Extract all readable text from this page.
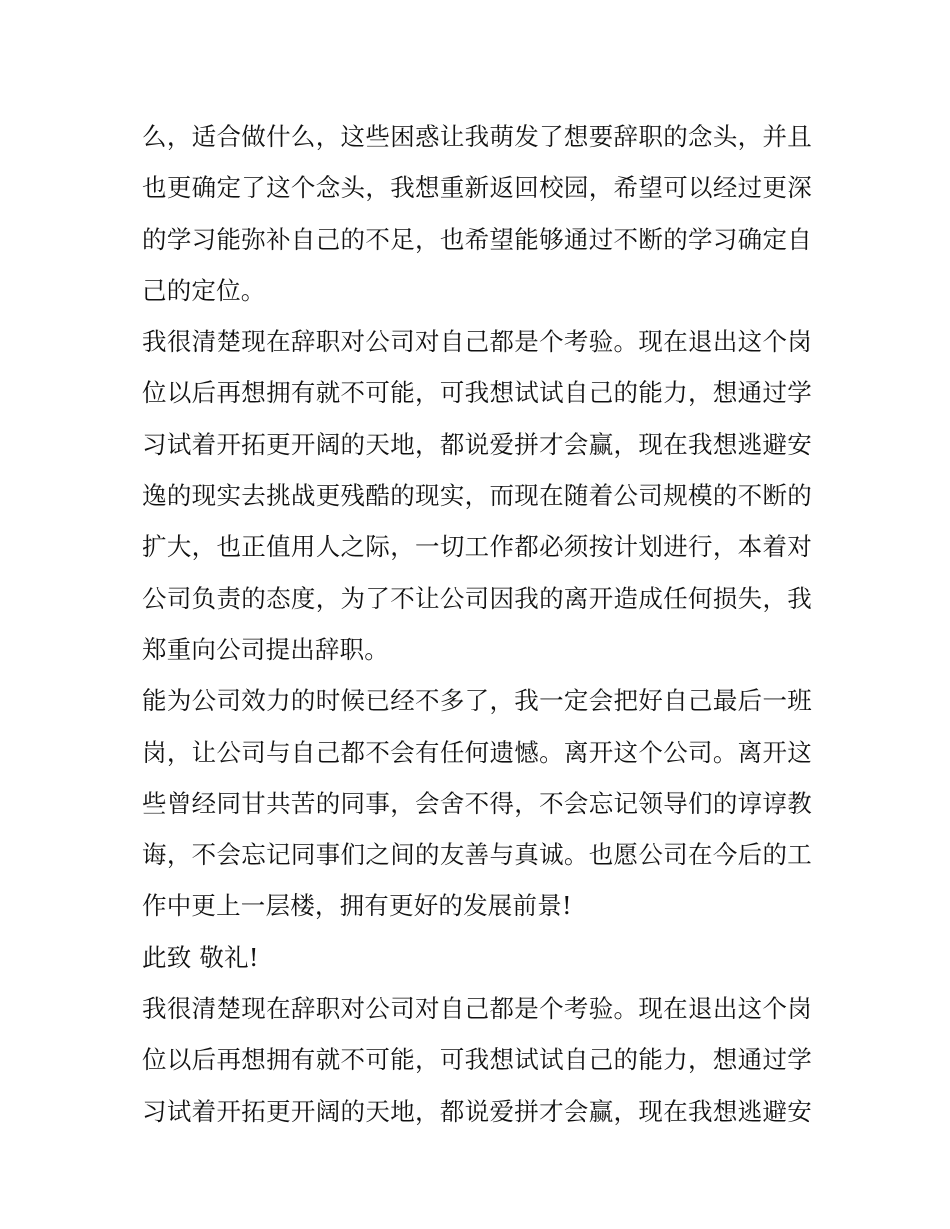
么，适合做什么，这些困惑让我萌发了想要辞职的念头，并且
也更确定了这个念头，我想重新返回校园，希望可以经过更深
的学习能弥补自己的不足，也希望能够通过不断的学习确定自
己的定位。
我很清楚现在辞职对公司对自己都是个考验。现在退出这个岗
位以后再想拥有就不可能，可我想试试自己的能力，想通过学
习试着开拓更开阔的天地，都说爱拼才会赢，现在我想逃避安
逸的现实去挑战更残酷的现实，而现在随着公司规模的不断的
扩大，也正值用人之际，一切工作都必须按计划进行，本着对
公司负责的态度，为了不让公司因我的离开造成任何损失，我
郑重向公司提出辞职。
能为公司效力的时候已经不多了，我一定会把好自己最后一班
岗，让公司与自己都不会有任何遗憾。离开这个公司。离开这
些曾经同甘共苦的同事，会舍不得，不会忘记领导们的谆谆教
诲，不会忘记同事们之间的友善与真诚。也愿公司在今后的工
作中更上一层楼，拥有更好的发展前景!
此致 敬礼!
我很清楚现在辞职对公司对自己都是个考验。现在退出这个岗
位以后再想拥有就不可能，可我想试试自己的能力，想通过学
习试着开拓更开阔的天地，都说爱拼才会赢，现在我想逃避安
